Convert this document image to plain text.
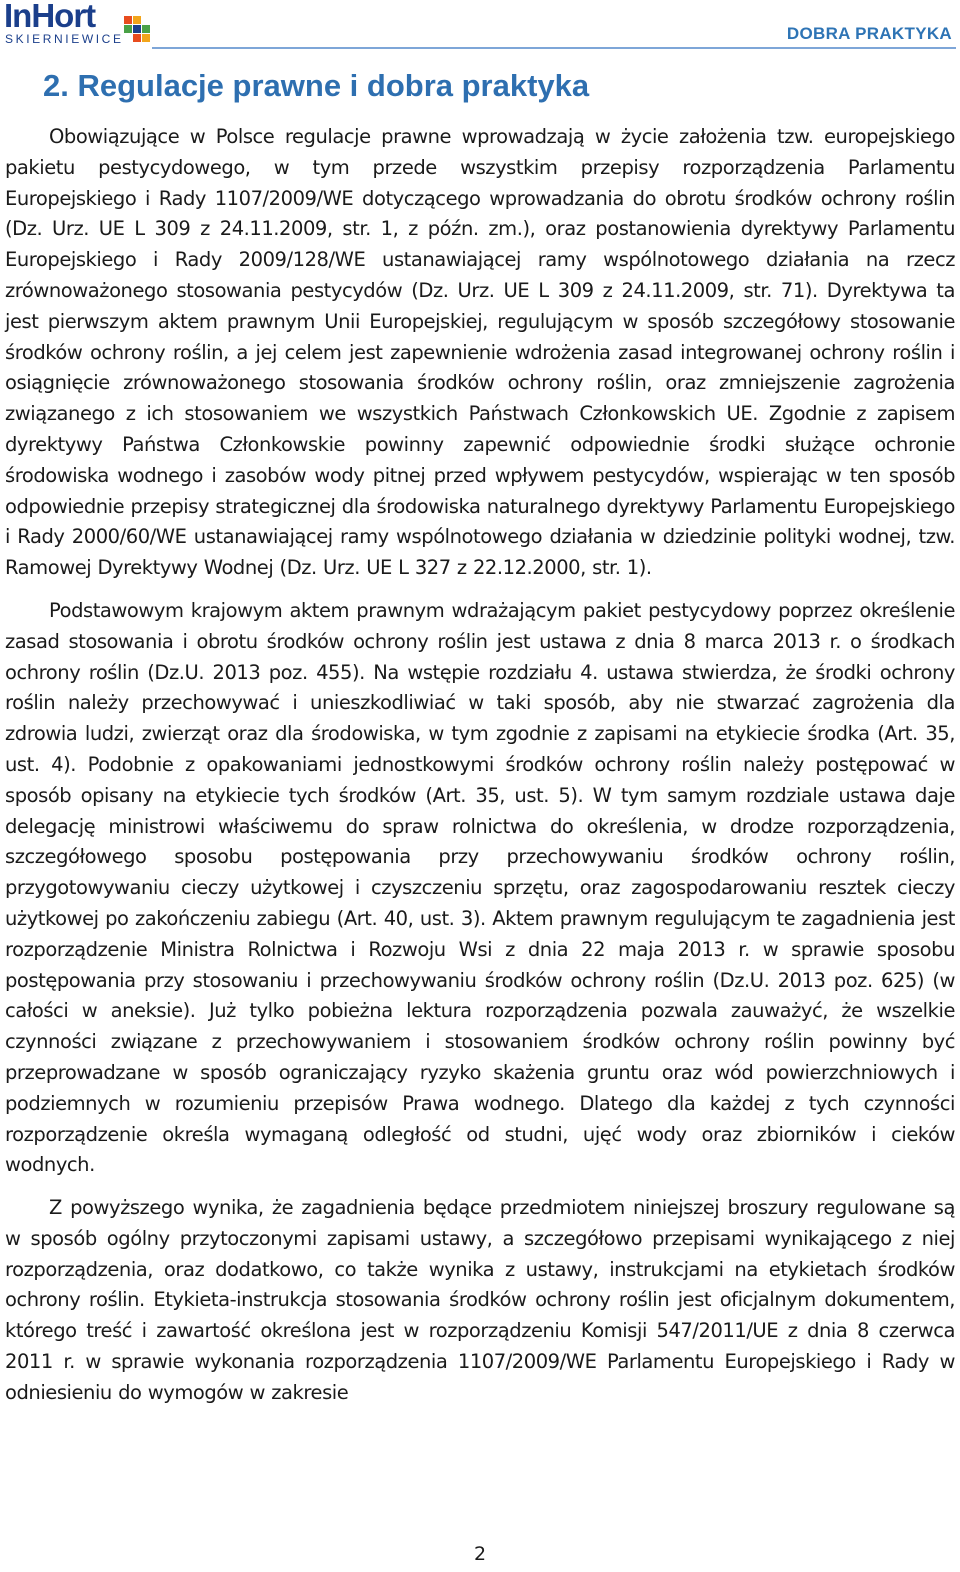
InHort
SKIERNIEWICE	DOBRA PRAKTYKA
2. Regulacje prawne i dobra praktyka

Obowiązujące w Polsce regulacje prawne wprowadzają w życie założenia tzw. europejskiego pakietu pestycydowego, w tym przede wszystkim przepisy rozporządzenia Parlamentu Europejskiego i Rady 1107/2009/WE dotyczącego wprowadzania do obrotu środków ochrony roślin (Dz. Urz. UE L 309 z 24.11.2009, str. 1, z późn. zm.), oraz postanowienia dyrektywy Parlamentu Europejskiego i Rady 2009/128/WE ustanawiającej ramy wspólnotowego działania na rzecz zrównoważonego stosowania pestycydów (Dz. Urz. UE L 309 z 24.11.2009, str. 71). Dyrektywa ta jest pierwszym aktem prawnym Unii Europejskiej, regulującym w sposób szczegółowy stosowanie środków ochrony roślin, a jej celem jest zapewnienie wdrożenia zasad integrowanej ochrony roślin i osiągnięcie zrównoważonego stosowania środków ochrony roślin, oraz zmniejszenie zagrożenia związanego z ich stosowaniem we wszystkich Państwach Członkowskich UE. Zgodnie z zapisem dyrektywy Państwa Członkowskie powinny zapewnić odpowiednie środki służące ochronie środowiska wodnego i zasobów wody pitnej przed wpływem pestycydów, wspierając w ten sposób odpowiednie przepisy strategicznej dla środowiska naturalnego dyrektywy Parlamentu Europejskiego i Rady 2000/60/WE ustanawiającej ramy wspólnotowego działania w dziedzinie polityki wodnej, tzw. Ramowej Dyrektywy Wodnej (Dz. Urz. UE L 327 z 22.12.2000, str. 1).

Podstawowym krajowym aktem prawnym wdrażającym pakiet pestycydowy poprzez określenie zasad stosowania i obrotu środków ochrony roślin jest ustawa z dnia 8 marca 2013 r. o środkach ochrony roślin (Dz.U. 2013 poz. 455). Na wstępie rozdziału 4. ustawa stwierdza, że środki ochrony roślin należy przechowywać i unieszkodliwiać w taki sposób, aby nie stwarzać zagrożenia dla zdrowia ludzi, zwierząt oraz dla środowiska, w tym zgodnie z zapisami na etykiecie środka (Art. 35, ust. 4). Podobnie z opakowaniami jednostkowymi środków ochrony roślin należy postępować w sposób opisany na etykiecie tych środków (Art. 35, ust. 5). W tym samym rozdziale ustawa daje delegację ministrowi właściwemu do spraw rolnictwa do określenia, w drodze rozporządzenia, szczegółowego sposobu postępowania przy przechowywaniu środków ochrony roślin, przygotowywaniu cieczy użytkowej i czyszczeniu sprzętu, oraz zagospodarowaniu resztek cieczy użytkowej po zakończeniu zabiegu (Art. 40, ust. 3). Aktem prawnym regulującym te zagadnienia jest rozporządzenie Ministra Rolnictwa i Rozwoju Wsi z dnia 22 maja 2013 r. w sprawie sposobu postępowania przy stosowaniu i przechowywaniu środków ochrony roślin (Dz.U. 2013 poz. 625) (w całości w aneksie). Już tylko pobieżna lektura rozporządzenia pozwala zauważyć, że wszelkie czynności związane z przechowywaniem i stosowaniem środków ochrony roślin powinny być przeprowadzane w sposób ograniczający ryzyko skażenia gruntu oraz wód powierzchniowych i podziemnych w rozumieniu przepisów Prawa wodnego. Dlatego dla każdej z tych czynności rozporządzenie określa wymaganą odległość od studni, ujęć wody oraz zbiorników i cieków wodnych.

Z powyższego wynika, że zagadnienia będące przedmiotem niniejszej broszury regulowane są w sposób ogólny przytoczonymi zapisami ustawy, a szczegółowo przepisami wynikającego z niej rozporządzenia, oraz dodatkowo, co także wynika z ustawy, instrukcjami na etykietach środków ochrony roślin. Etykieta-instrukcja stosowania środków ochrony roślin jest oficjalnym dokumentem, którego treść i zawartość określona jest w rozporządzeniu Komisji 547/2011/UE z dnia 8 czerwca 2011 r. w sprawie wykonania rozporządzenia 1107/2009/WE Parlamentu Europejskiego i Rady w odniesieniu do wymogów w zakresie

2
